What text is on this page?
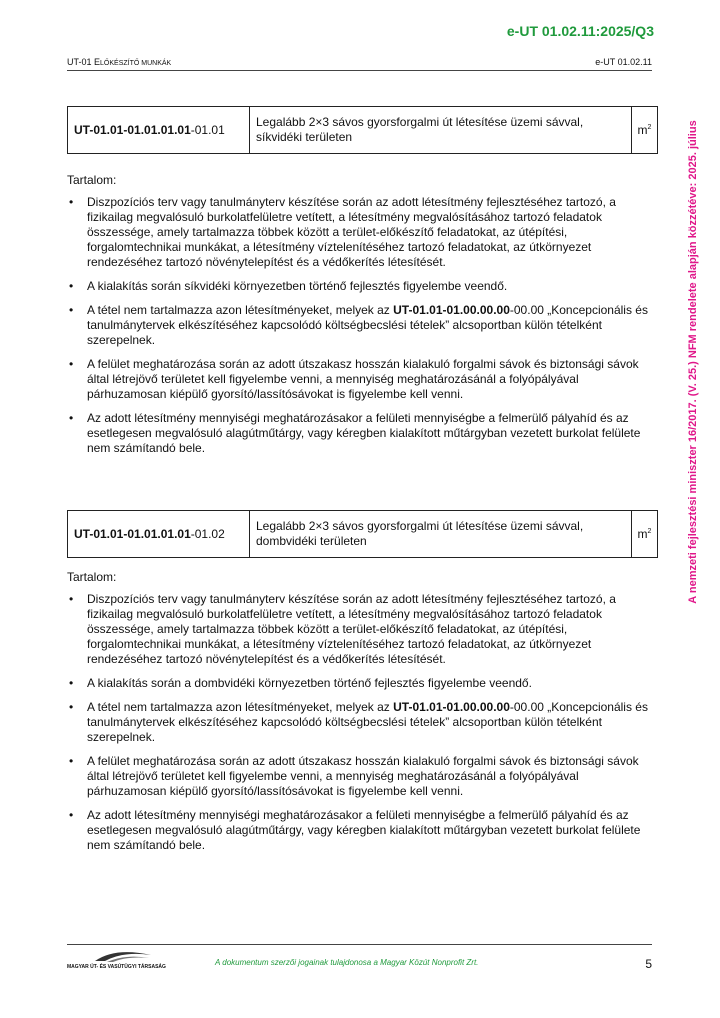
e-UT 01.02.11:2025/Q3
UT-01 ELŐKÉSZÍTŐ MUNKÁK	e-UT 01.02.11
A nemzeti fejlesztési miniszter 16/2017. (V. 25.) NFM rendelete alapján közzétéve: 2025. július
UT-01.01-01.01.01.01-01.01	Legalább 2×3 sávos gyorsforgalmi út létesítése üzemi sávval, síkvidéki területen	$m^2$
Tartalom:
• Diszpozíciós terv vagy tanulmányterv készítése során az adott létesítmény fejlesztéséhez tartozó, a fizikailag megvalósuló burkolatfelületre vetített, a létesítmény megvalósításához tartozó feladatok összessége, amely tartalmazza többek között a terület-előkészítő feladatokat, az útépítési, forgalomtechnikai munkákat, a létesítmény víztelenítéséhez tartozó feladatokat, az útkörnyezet rendezéséhez tartozó növénytelepítést és a védőkerítés létesítését.
• A kialakítás során síkvidéki környezetben történő fejlesztés figyelembe veendő.
• A tétel nem tartalmazza azon létesítményeket, melyek az UT-01.01-01.00.00.00-00.00 „Koncepcionális és tanulmánytervek elkészítéséhez kapcsolódó költségbecslési tételek” alcsoportban külön tételként szerepelnek.
• A felület meghatározása során az adott útszakasz hosszán kialakuló forgalmi sávok és biztonsági sávok által létrejövő területet kell figyelembe venni, a mennyiség meghatározásánál a folyópályával párhuzamosan kiépülő gyorsító/lassítósávokat is figyelembe kell venni.
• Az adott létesítmény mennyiségi meghatározásakor a felületi mennyiségbe a felmerülő pályahíd és az esetlegesen megvalósuló alagútműtárgy, vagy kéregben kialakított műtárgyban vezetett burkolat felülete nem számítandó bele.
UT-01.01-01.01.01.01-01.02	Legalább 2×3 sávos gyorsforgalmi út létesítése üzemi sávval, dombvidéki területen	$m^2$
Tartalom:
• Diszpozíciós terv vagy tanulmányterv készítése során az adott létesítmény fejlesztéséhez tartozó, a fizikailag megvalósuló burkolatfelületre vetített, a létesítmény megvalósításához tartozó feladatok összessége, amely tartalmazza többek között a terület-előkészítő feladatokat, az útépítési, forgalomtechnikai munkákat, a létesítmény víztelenítéséhez tartozó feladatokat, az útkörnyezet rendezéséhez tartozó növénytelepítést és a védőkerítés létesítését.
• A kialakítás során a dombvidéki környezetben történő fejlesztés figyelembe veendő.
• A tétel nem tartalmazza azon létesítményeket, melyek az UT-01.01-01.00.00.00-00.00 „Koncepcionális és tanulmánytervek elkészítéséhez kapcsolódó költségbecslési tételek” alcsoportban külön tételként szerepelnek.
• A felület meghatározása során az adott útszakasz hosszán kialakuló forgalmi sávok és biztonsági sávok által létrejövő területet kell figyelembe venni, a mennyiség meghatározásánál a folyópályával párhuzamosan kiépülő gyorsító/lassítósávokat is figyelembe kell venni.
• Az adott létesítmény mennyiségi meghatározásakor a felületi mennyiségbe a felmerülő pályahíd és az esetlegesen megvalósuló alagútműtárgy, vagy kéregben kialakított műtárgyban vezetett burkolat felülete nem számítandó bele.
MAGYAR ÚT- ÉS VASÚTÜGYI TÁRSASÁG	A dokumentum szerzői jogainak tulajdonosa a Magyar Közút Nonprofit Zrt.	5
